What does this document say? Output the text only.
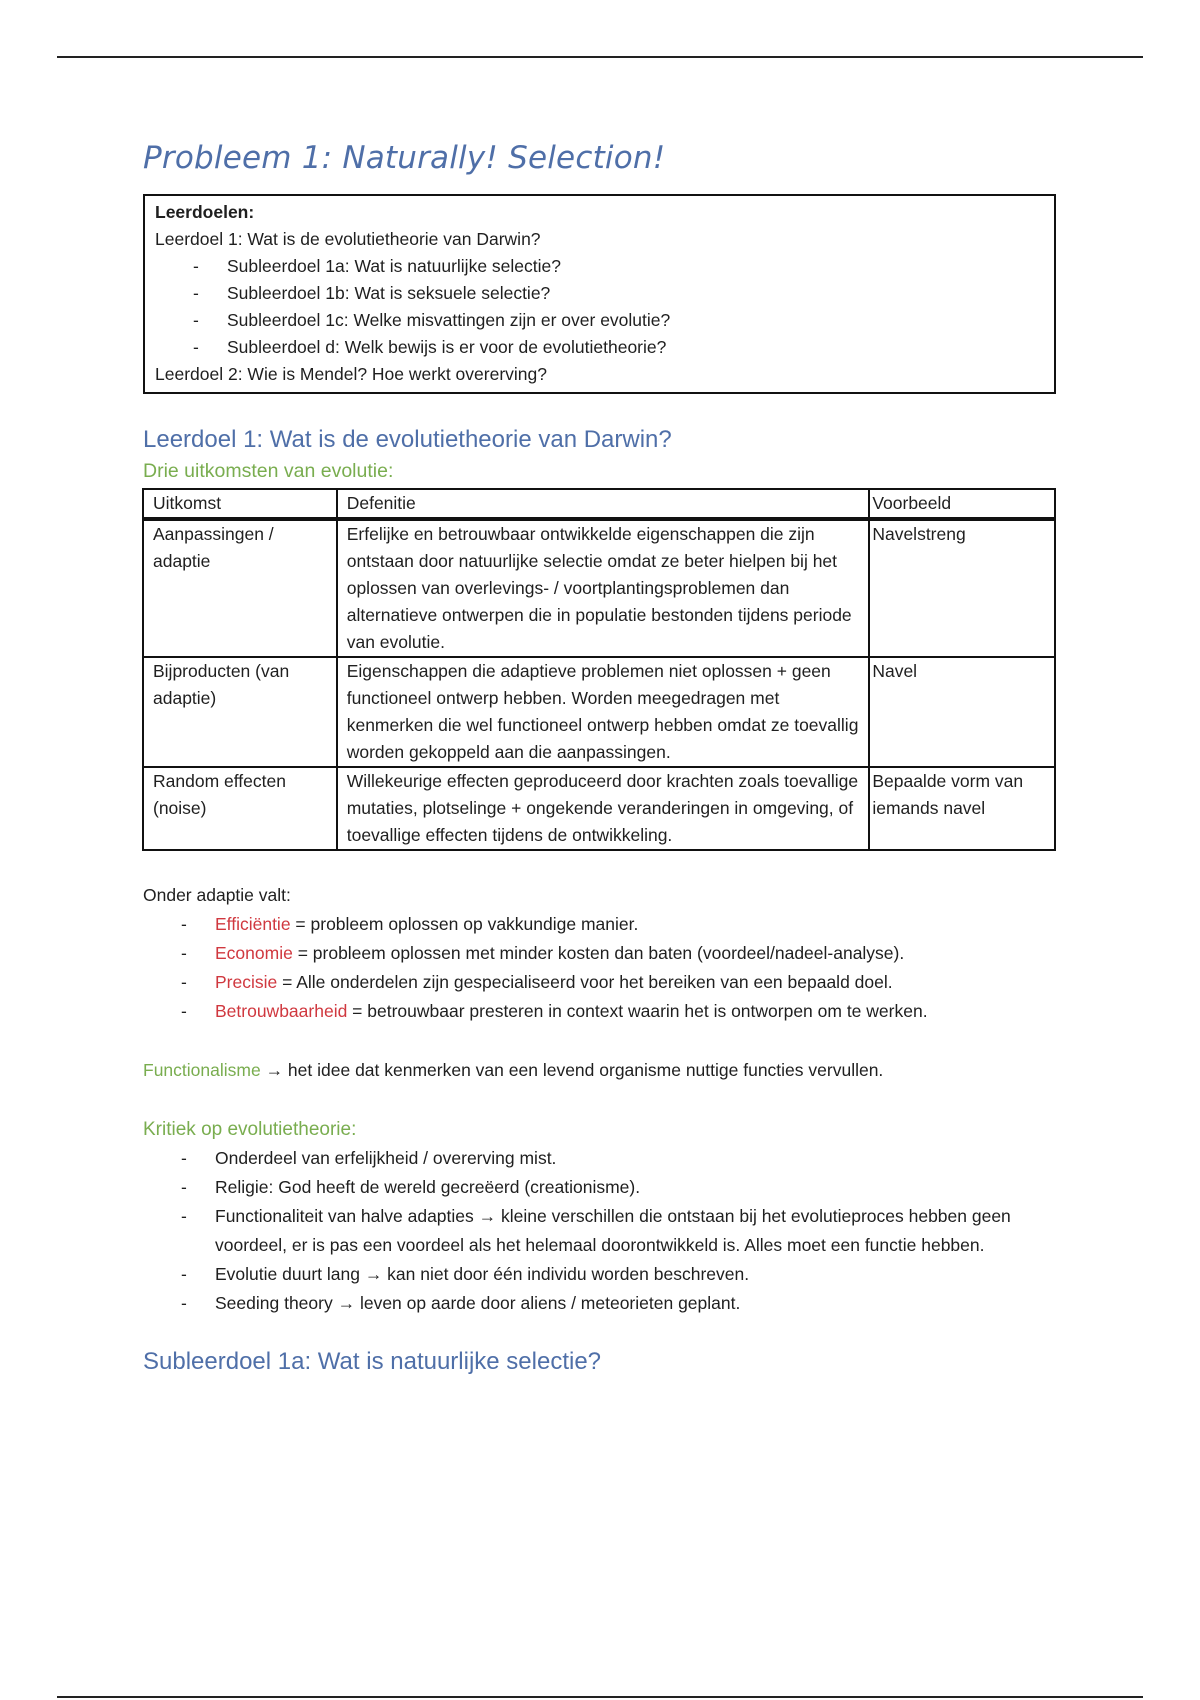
Probleem 1: Naturally! Selection!
Leerdoelen:
Leerdoel 1: Wat is de evolutietheorie van Darwin?
- Subleerdoel 1a: Wat is natuurlijke selectie?
- Subleerdoel 1b: Wat is seksuele selectie?
- Subleerdoel 1c: Welke misvattingen zijn er over evolutie?
- Subleerdoel d: Welk bewijs is er voor de evolutietheorie?
Leerdoel 2: Wie is Mendel? Hoe werkt overerving?
Leerdoel 1: Wat is de evolutietheorie van Darwin?
Drie uitkomsten van evolutie:
Uitkomst	Defenitie	Voorbeeld
Aanpassingen / adaptie	Erfelijke en betrouwbaar ontwikkelde eigenschappen die zijn ontstaan door natuurlijke selectie omdat ze beter hielpen bij het oplossen van overlevings- / voortplantingsproblemen dan alternatieve ontwerpen die in populatie bestonden tijdens periode van evolutie.	Navelstreng
Bijproducten (van adaptie)	Eigenschappen die adaptieve problemen niet oplossen + geen functioneel ontwerp hebben. Worden meegedragen met kenmerken die wel functioneel ontwerp hebben omdat ze toevallig worden gekoppeld aan die aanpassingen.	Navel
Random effecten (noise)	Willekeurige effecten geproduceerd door krachten zoals toevallige mutaties, plotselinge + ongekende veranderingen in omgeving, of toevallige effecten tijdens de ontwikkeling.	Bepaalde vorm van iemands navel

Onder adaptie valt:

- Efficiëntie = probleem oplossen op vakkundige manier.
- Economie = probleem oplossen met minder kosten dan baten (voordeel/nadeel-analyse).
- Precisie = Alle onderdelen zijn gespecialiseerd voor het bereiken van een bepaald doel.
- Betrouwbaarheid = betrouwbaar presteren in context waarin het is ontworpen om te werken.

Functionalisme → het idee dat kenmerken van een levend organisme nuttige functies vervullen.

Kritiek op evolutietheorie:

- Onderdeel van erfelijkheid / overerving mist.
- Religie: God heeft de wereld gecreëerd (creationisme).
- Functionaliteit van halve adapties → kleine verschillen die ontstaan bij het evolutieproces hebben geen voordeel, er is pas een voordeel als het helemaal doorontwikkeld is. Alles moet een functie hebben.
- Evolutie duurt lang → kan niet door één individu worden beschreven.
- Seeding theory → leven op aarde door aliens / meteorieten geplant.
Subleerdoel 1a: Wat is natuurlijke selectie?
